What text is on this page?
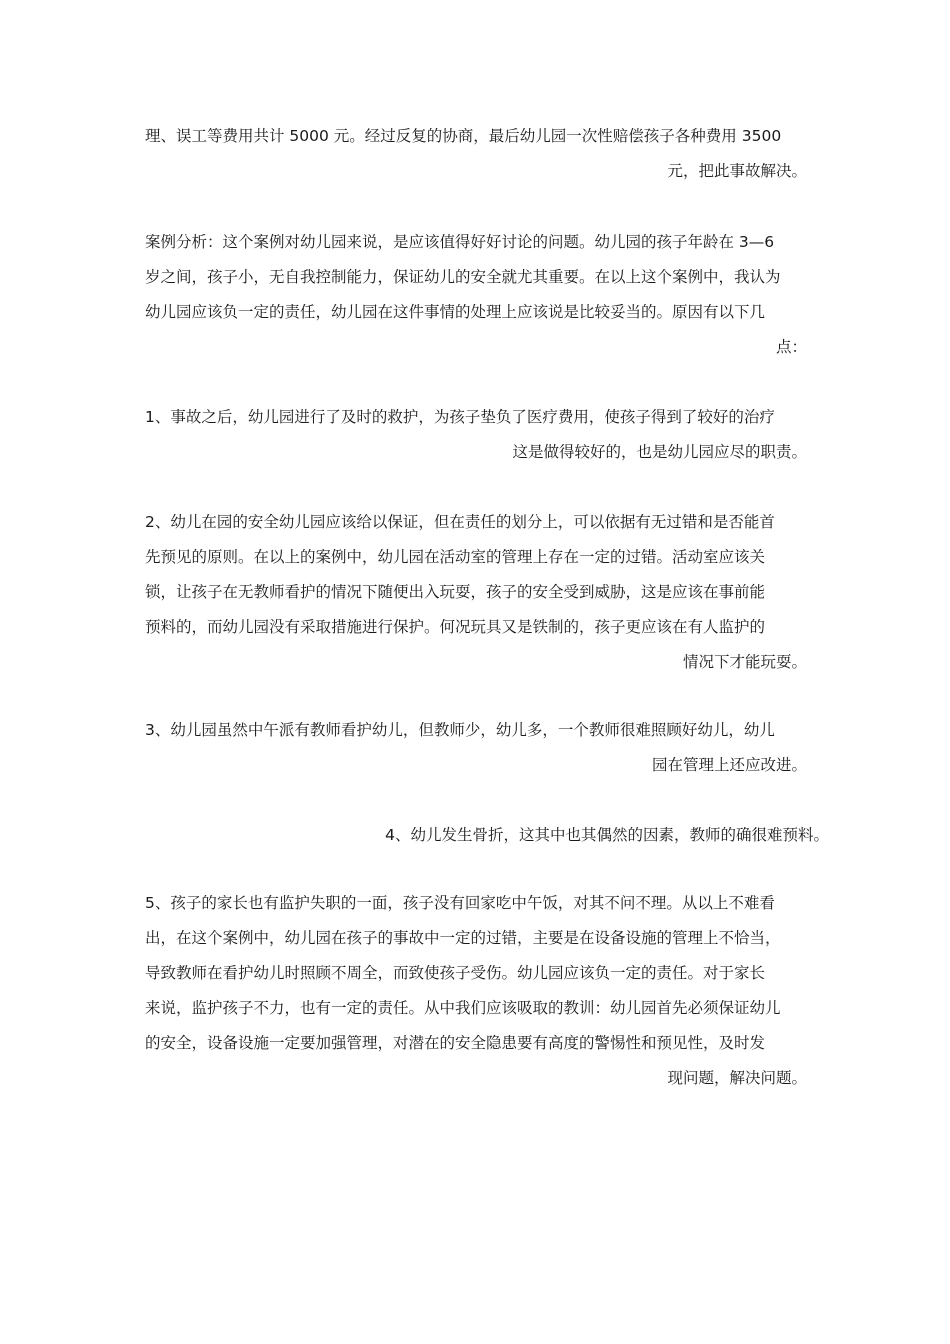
理、误工等费用共计 5000 元。经过反复的协商，最后幼儿园一次性赔偿孩子各种费用 3500
元，把此事故解决。
案例分析：这个案例对幼儿园来说，是应该值得好好讨论的问题。幼儿园的孩子年龄在 3—6
岁之间，孩子小，无自我控制能力，保证幼儿的安全就尤其重要。在以上这个案例中，我认为
幼儿园应该负一定的责任，幼儿园在这件事情的处理上应该说是比较妥当的。原因有以下几
点：
1、事故之后，幼儿园进行了及时的救护，为孩子垫负了医疗费用，使孩子得到了较好的治疗
这是做得较好的，也是幼儿园应尽的职责。
2、幼儿在园的安全幼儿园应该给以保证，但在责任的划分上，可以依据有无过错和是否能首
先预见的原则。在以上的案例中，幼儿园在活动室的管理上存在一定的过错。活动室应该关
锁，让孩子在无教师看护的情况下随便出入玩耍，孩子的安全受到威胁，这是应该在事前能
预料的，而幼儿园没有采取措施进行保护。何况玩具又是铁制的，孩子更应该在有人监护的
情况下才能玩耍。
3、幼儿园虽然中午派有教师看护幼儿，但教师少，幼儿多，一个教师很难照顾好幼儿，幼儿
园在管理上还应改进。
4、幼儿发生骨折，这其中也其偶然的因素，教师的确很难预料。
5、孩子的家长也有监护失职的一面，孩子没有回家吃中午饭，对其不问不理。从以上不难看
出，在这个案例中，幼儿园在孩子的事故中一定的过错，主要是在设备设施的管理上不恰当，
导致教师在看护幼儿时照顾不周全，而致使孩子受伤。幼儿园应该负一定的责任。对于家长
来说，监护孩子不力，也有一定的责任。从中我们应该吸取的教训：幼儿园首先必须保证幼儿
的安全，设备设施一定要加强管理，对潜在的安全隐患要有高度的警惕性和预见性，及时发
现问题，解决问题。
